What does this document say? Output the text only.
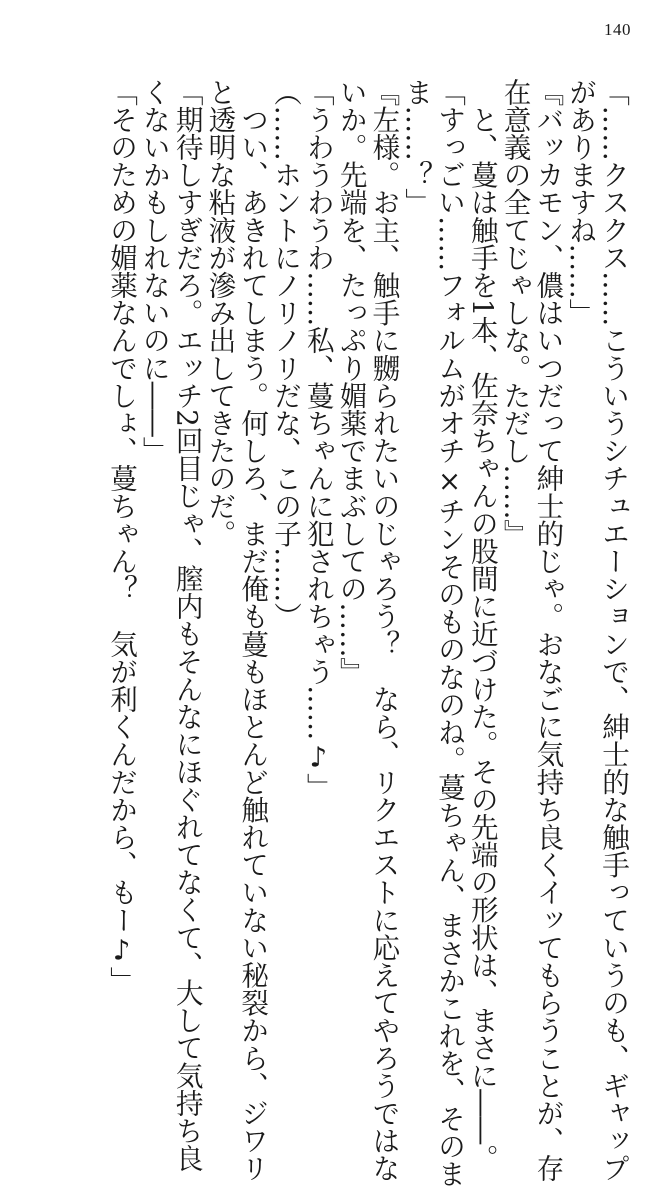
140
「……クスクス……こういうシチュエーションで、紳士的な触手っていうのも、ギャップ
がありますね……」
『バッカモン、儂はいつだって紳士的じゃ。おなごに気持ち良くイッてもらうことが、存
在意義の全てじゃしな。ただし……』
　と、蔓は触手を1本、佐奈ちゃんの股間に近づけた。その先端の形状は、まさに――。
「すっごい……フォルムがオチ×チンそのものなのね。蔓ちゃん、まさかこれを、そのま
ま……？」
『左様。お主、触手に嬲られたいのじゃろう？　なら、リクエストに応えてやろうではな
いか。先端を、たっぷり媚薬でまぶしての……』
「うわうわうわ……私、蔓ちゃんに犯されちゃう……♪」
（……ホントにノリノリだな、この子……）
　つい、あきれてしまう。何しろ、まだ俺も蔓もほとんど触れていない秘裂から、ジワリ
と透明な粘液が滲み出してきたのだ。
「期待しすぎだろ。エッチ2回目じゃ、膣内もそんなにほぐれてなくて、大して気持ち良
くないかもしれないのに――」
「そのための媚薬なんでしょ、蔓ちゃん？　気が利くんだから、もー♪」
